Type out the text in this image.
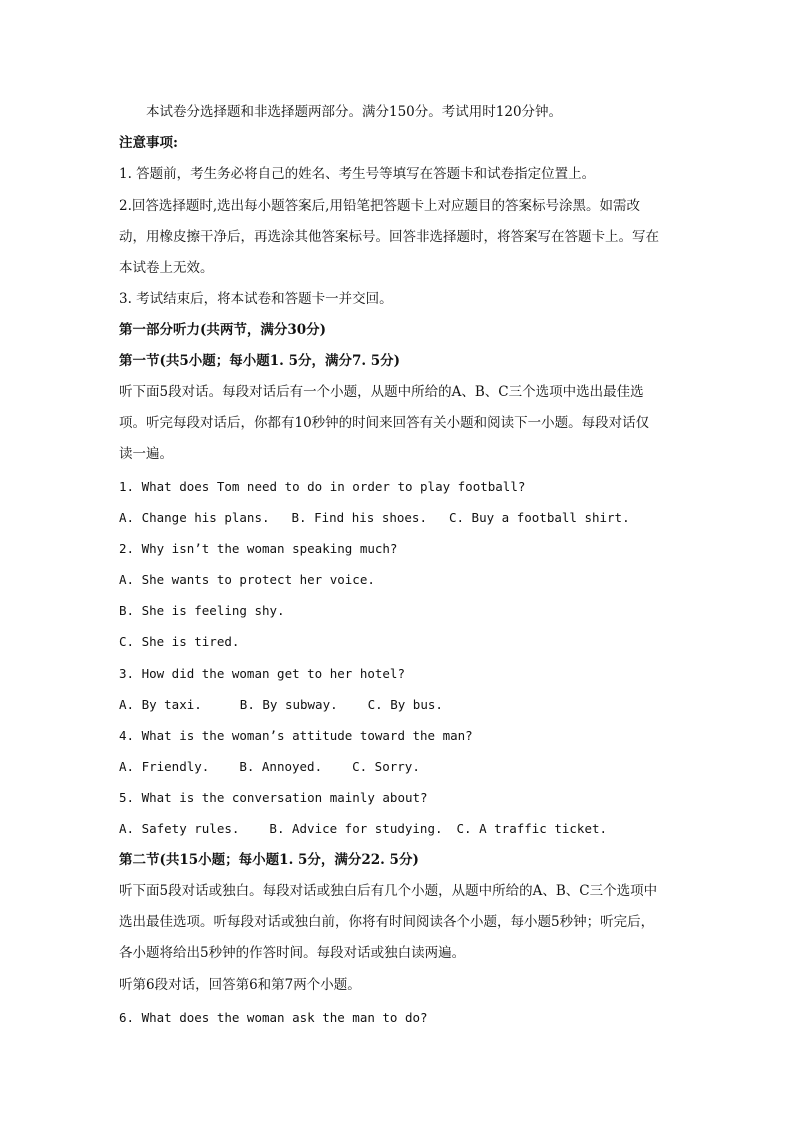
本试卷分选择题和非选择题两部分。满分150分。考试用时120分钟。

注意事项:

1. 答题前，考生务必将自己的姓名、考生号等填写在答题卡和试卷指定位置上。

2.回答选择题时,选出每小题答案后,用铅笔把答题卡上对应题目的答案标号涂黑。如需改

动，用橡皮擦干净后，再选涂其他答案标号。回答非选择题时，将答案写在答题卡上。写在

本试卷上无效。

3. 考试结束后，将本试卷和答题卡一并交回。

第一部分听力(共两节，满分30分)

第一节(共5小题；每小题1. 5分，满分7. 5分)

听下面5段对话。每段对话后有一个小题，从题中所给的A、B、C三个选项中选出最佳选

项。听完每段对话后，你都有10秒钟的时间来回答有关小题和阅读下一小题。每段对话仅

读一遍。

1. What does Tom need to do in order to play football?

A. Change his plans. B. Find his shoes. C. Buy a football shirt.

2. Why isn’t the woman speaking much?

A. She wants to protect her voice.

B. She is feeling shy.

C. She is tired.

3. How did the woman get to her hotel?

A. By taxi.	B. By subway. C. By bus.

4. What is the woman’s attitude toward the man?

A. Friendly. B. Annoyed. C. Sorry.

5. What is the conversation mainly about?

A. Safety rules. B. Advice for studying. C. A traffic ticket.

第二节(共15小题；每小题1. 5分，满分22. 5分)

听下面5段对话或独白。每段对话或独白后有几个小题，从题中所给的A、B、C三个选项中

选出最佳选项。听每段对话或独白前，你将有时间阅读各个小题，每小题5秒钟；听完后，

各小题将给出5秒钟的作答时间。每段对话或独白读两遍。

听第6段对话，回答第6和第7两个小题。

6. What does the woman ask the man to do?
